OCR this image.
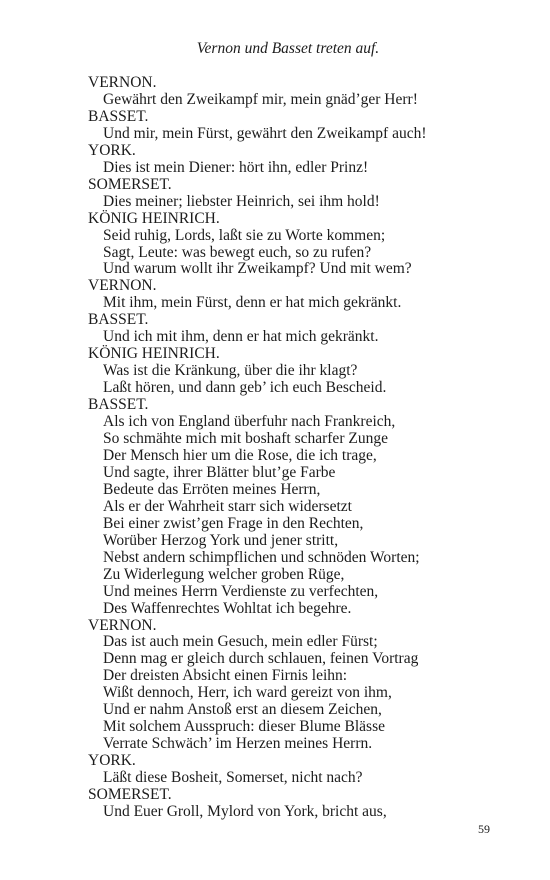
Vernon und Basset treten auf.

VERNON.

Gewährt den Zweikampf mir, mein gnäd’ger Herr!

BASSET.

Und mir, mein Fürst, gewährt den Zweikampf auch!

YORK.

Dies ist mein Diener: hört ihn, edler Prinz!

SOMERSET.

Dies meiner; liebster Heinrich, sei ihm hold!

KÖNIG HEINRICH.

Seid ruhig, Lords, laßt sie zu Worte kommen;

Sagt, Leute: was bewegt euch, so zu rufen?

Und warum wollt ihr Zweikampf? Und mit wem?

VERNON.

Mit ihm, mein Fürst, denn er hat mich gekränkt.

BASSET.

Und ich mit ihm, denn er hat mich gekränkt.

KÖNIG HEINRICH.

Was ist die Kränkung, über die ihr klagt?

Laßt hören, und dann geb’ ich euch Bescheid.

BASSET.

Als ich von England überfuhr nach Frankreich,

So schmähte mich mit boshaft scharfer Zunge

Der Mensch hier um die Rose, die ich trage,

Und sagte, ihrer Blätter blut’ge Farbe

Bedeute das Erröten meines Herrn,

Als er der Wahrheit starr sich widersetzt

Bei einer zwist’gen Frage in den Rechten,

Worüber Herzog York und jener stritt,

Nebst andern schimpflichen und schnöden Worten;

Zu Widerlegung welcher groben Rüge,

Und meines Herrn Verdienste zu verfechten,

Des Waffenrechtes Wohltat ich begehre.

VERNON.

Das ist auch mein Gesuch, mein edler Fürst;

Denn mag er gleich durch schlauen, feinen Vortrag

Der dreisten Absicht einen Firnis leihn:

Wißt dennoch, Herr, ich ward gereizt von ihm,

Und er nahm Anstoß erst an diesem Zeichen,

Mit solchem Ausspruch: dieser Blume Blässe

Verrate Schwäch’ im Herzen meines Herrn.

YORK.

Läßt diese Bosheit, Somerset, nicht nach?

SOMERSET.

Und Euer Groll, Mylord von York, bricht aus,

59
